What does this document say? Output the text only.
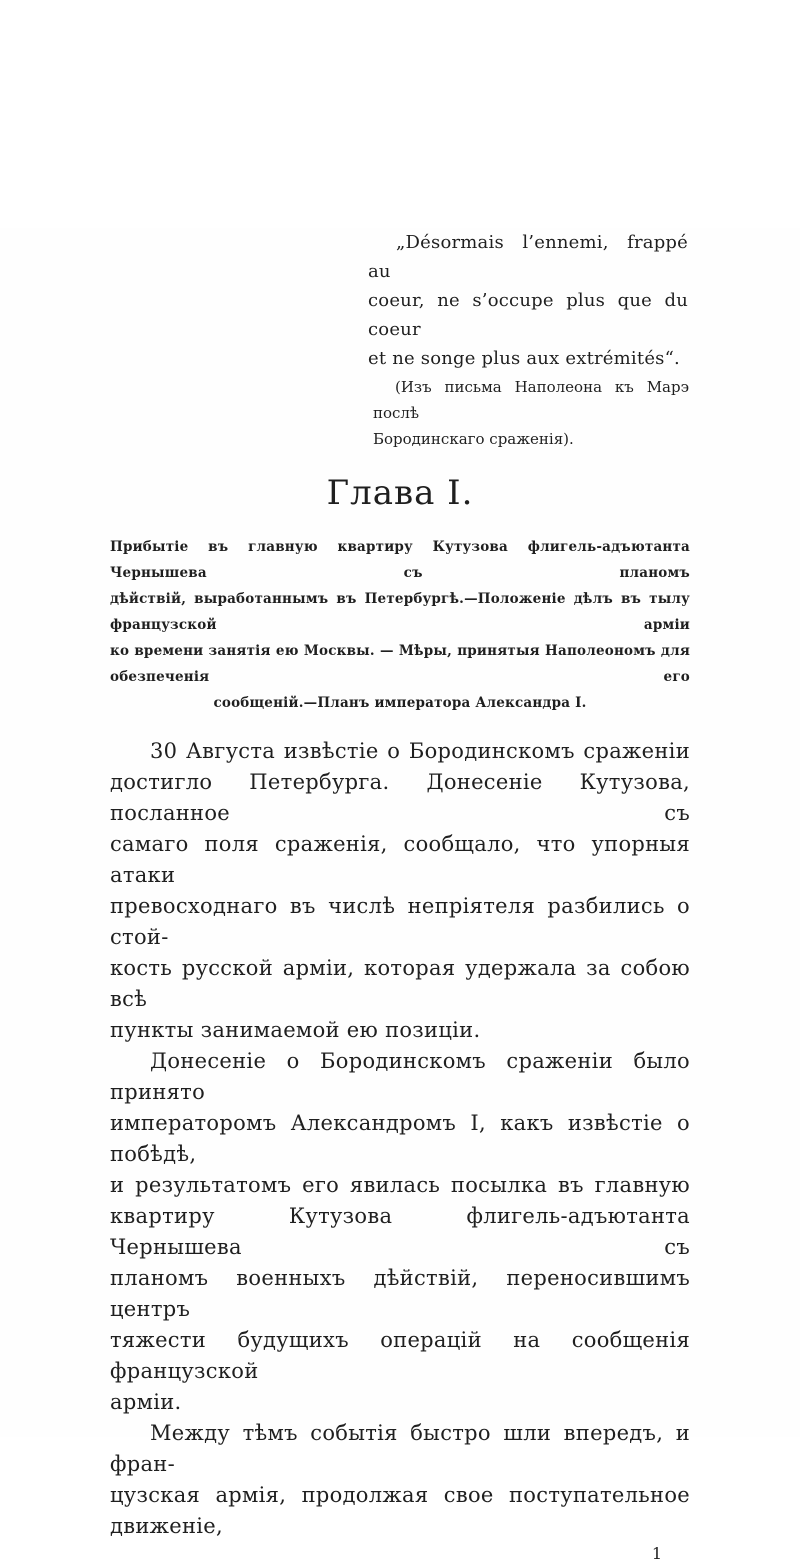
„Désormais l’ennemi, frappé au
coeur, ne s’occupe plus que du coeur
et ne songe plus aux extrémités“.
(Изъ письма Наполеона къ Марэ послѣ
Бородинскаго сраженія).
Глава I.
Прибытіе въ главную квартиру Кутузова флигель-адъютанта Чернышева съ планомъ
дѣйствій, выработаннымъ въ Петербургѣ.—Положеніе дѣлъ въ тылу французской арміи
ко времени занятія ею Москвы. — Мѣры, принятыя Наполеономъ для обезпеченія его
сообщеній.—Планъ императора Александра I.
30 Августа извѣстіе о Бородинскомъ сраженіи
достигло Петербурга. Донесеніе Кутузова, посланное съ
самаго поля сраженія, сообщало, что упорныя атаки
превосходнаго въ числѣ непріятеля разбились о стой-
кость русской арміи, которая удержала за собою всѣ
пункты занимаемой ею позиціи.
Донесеніе о Бородинскомъ сраженіи было принято
императоромъ Александромъ I, какъ извѣстіе о побѣдѣ,
и результатомъ его явилась посылка въ главную
квартиру Кутузова флигель-адъютанта Чернышева съ
планомъ военныхъ дѣйствій, переносившимъ центръ
тяжести будущихъ операцій на сообщенія французской
арміи.
Между тѣмъ событія быстро шли впередъ, и фран-
цузская армія, продолжая свое поступательное движеніе,
1
